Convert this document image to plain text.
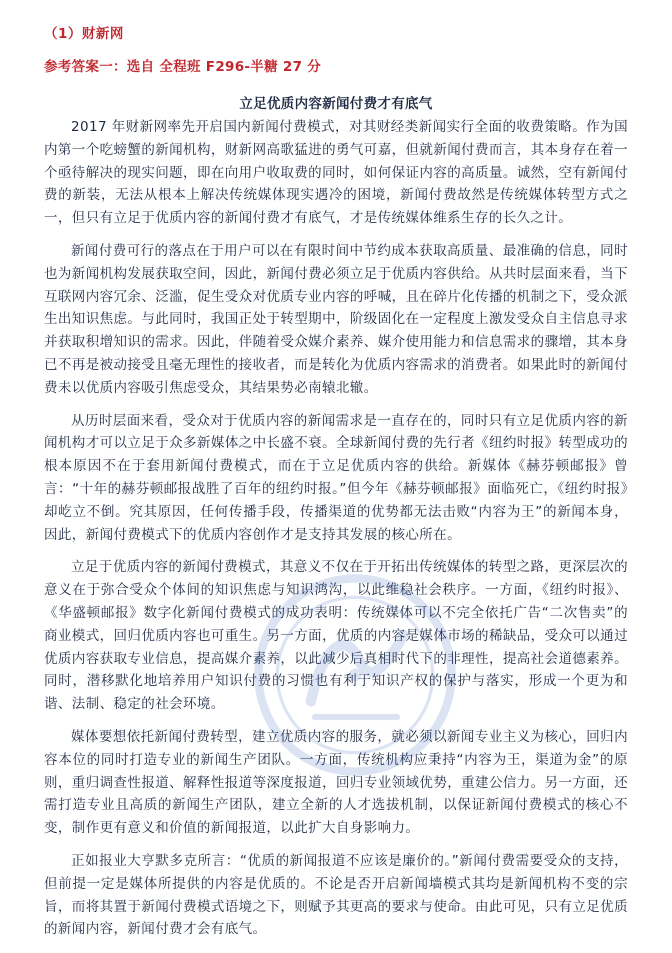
（1）财新网
参考答案一：选自 全程班 F296-半糖 27 分
立足优质内容新闻付费才有底气

2017 年财新网率先开启国内新闻付费模式，对其财经类新闻实行全面的收费策略。作为国内第一个吃螃蟹的新闻机构，财新网高歌猛进的勇气可嘉，但就新闻付费而言，其本身存在着一个亟待解决的现实问题，即在向用户收取费的同时，如何保证内容的高质量。诚然，空有新闻付费的新装，无法从根本上解决传统媒体现实遇冷的困境，新闻付费故然是传统媒体转型方式之一，但只有立足于优质内容的新闻付费才有底气，才是传统媒体维系生存的长久之计。

新闻付费可行的落点在于用户可以在有限时间中节约成本获取高质量、最准确的信息，同时也为新闻机构发展获取空间，因此，新闻付费必须立足于优质内容供给。从共时层面来看，当下互联网内容冗余、泛滥，促生受众对优质专业内容的呼喊，且在碎片化传播的机制之下，受众派生出知识焦虑。与此同时，我国正处于转型期中，阶级固化在一定程度上激发受众自主信息寻求并获取积增知识的需求。因此，伴随着受众媒介素养、媒介使用能力和信息需求的骤增，其本身已不再是被动接受且毫无理性的接收者，而是转化为优质内容需求的消费者。如果此时的新闻付费未以优质内容吸引焦虑受众，其结果势必南辕北辙。

从历时层面来看，受众对于优质内容的新闻需求是一直存在的，同时只有立足优质内容的新闻机构才可以立足于众多新媒体之中长盛不衰。全球新闻付费的先行者《纽约时报》转型成功的根本原因不在于套用新闻付费模式，而在于立足优质内容的供给。新媒体《赫芬顿邮报》曾言：“十年的赫芬顿邮报战胜了百年的纽约时报。”但今年《赫芬顿邮报》面临死亡，《纽约时报》却屹立不倒。究其原因，任何传播手段，传播渠道的优势都无法击败“内容为王”的新闻本身，因此，新闻付费模式下的优质内容创作才是支持其发展的核心所在。

立足于优质内容的新闻付费模式，其意义不仅在于开拓出传统媒体的转型之路，更深层次的意义在于弥合受众个体间的知识焦虑与知识鸿沟，以此维稳社会秩序。一方面，《纽约时报》、《华盛顿邮报》数字化新闻付费模式的成功表明：传统媒体可以不完全依托广告“二次售卖”的商业模式，回归优质内容也可重生。另一方面，优质的内容是媒体市场的稀缺品，受众可以通过优质内容获取专业信息，提高媒介素养，以此减少后真相时代下的非理性，提高社会道德素养。同时，潜移默化地培养用户知识付费的习惯也有利于知识产权的保护与落实，形成一个更为和谐、法制、稳定的社会环境。

媒体要想依托新闻付费转型，建立优质内容的服务，就必须以新闻专业主义为核心，回归内容本位的同时打造专业的新闻生产团队。一方面，传统机构应秉持“内容为王，渠道为金”的原则，重归调查性报道、解释性报道等深度报道，回归专业领域优势，重建公信力。另一方面，还需打造专业且高质的新闻生产团队，建立全新的人才选拔机制，以保证新闻付费模式的核心不变，制作更有意义和价值的新闻报道，以此扩大自身影响力。

正如报业大亨默多克所言：“优质的新闻报道不应该是廉价的。”新闻付费需要受众的支持，但前提一定是媒体所提供的内容是优质的。不论是否开启新闻墙模式其均是新闻机构不变的宗旨，而将其置于新闻付费模式语境之下，则赋予其更高的要求与使命。由此可见，只有立足优质的新闻内容，新闻付费才会有底气。
